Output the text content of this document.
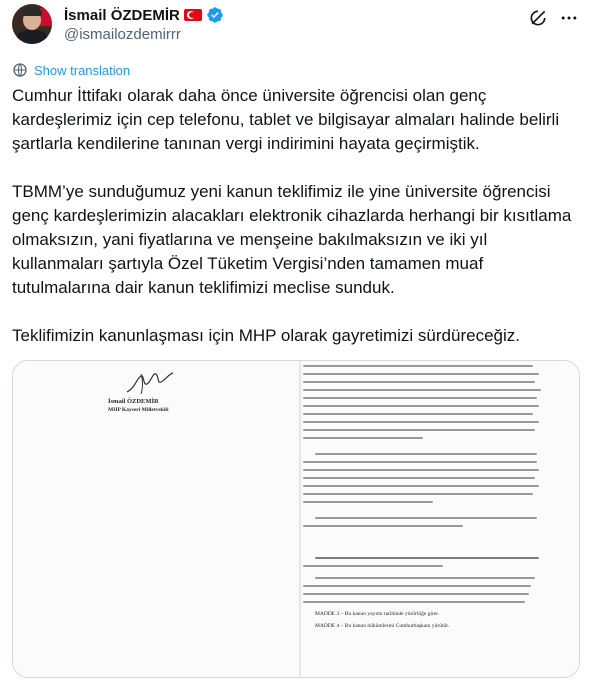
İsmail ÖZDEMİR
@ismailozdemirrr
Show translation

Cumhur İttifakı olarak daha önce üniversite öğrencisi olan genç kardeşlerimiz için cep telefonu, tablet ve bilgisayar almaları halinde belirli şartlarla kendilerine tanınan vergi indirimini hayata geçirmiştik.

TBMM’ye sunduğumuz yeni kanun teklifimiz ile yine üniversite öğrencisi genç kardeşlerimizin alacakları elektronik cihazlarda herhangi bir kısıtlama olmaksızın, yani fiyatlarına ve menşeine bakılmaksızın ve iki yıl kullanmaları şartıyla Özel Tüketim Vergisi’nden tamamen muaf tutulmalarına dair kanun teklifimizi meclise sunduk.

Teklifimizin kanunlaşması için MHP olarak gayretimizi sürdüreceğiz.

İsmail ÖZDEMİR
MHP Kayseri Milletvekili
MADDE 3 – Bu kanun yayımı tarihinde yürürlüğe girer.
MADDE 4 – Bu kanun hükümlerini Cumhurbaşkanı yürütür.
